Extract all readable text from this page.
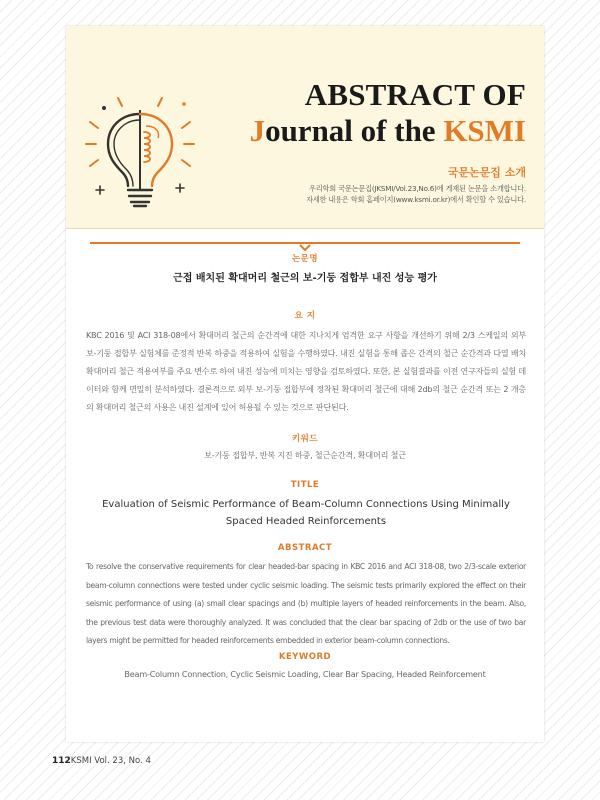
ABSTRACT OF
Journal of the KSMI
국문논문집 소개
우리학회 국문논문집(JKSMI/Vol.23,No.6)에 게재된 논문을 소개합니다.
자세한 내용은 학회 홈페이지(www.ksmi.or.kr)에서 확인할 수 있습니다.
논문명
근접 배치된 확대머리 철근의 보-기둥 접합부 내진 성능 평가
요 지
KBC 2016 및 ACI 318-08에서 확대머리 철근의 순간격에 대한 지나치게 엄격한 요구 사항을 개선하기 위해 2/3 스케일의 외부 보-기둥 접합부 실험체를 준정적 반복 하중을 적용하여 실험을 수행하였다. 내진 실험을 통해 좁은 간격의 철근 순간격과 다열 배치 확대머리 철근 적용여부를 주요 변수로 하여 내진 성능에 미치는 영향을 검토하였다. 또한, 본 실험결과를 이전 연구자들의 실험 데이터와 함께 면밀히 분석하였다. 결론적으로 외부 보-기둥 접합부에 정착된 확대머리 철근에 대해 2db의 철근 순간격 또는 2 개층의 확대머리 철근의 사용은 내진 설계에 있어 허용될 수 있는 것으로 판단된다.
키워드
보-기둥 접합부, 반복 지진 하중, 철근순간격, 확대머리 철근
TITLE
Evaluation of Seismic Performance of Beam-Column Connections Using Minimally Spaced Headed Reinforcements
ABSTRACT
To resolve the conservative requirements for clear headed-bar spacing in KBC 2016 and ACI 318-08, two 2/3-scale exterior beam-column connections were tested under cyclic seismic loading. The seismic tests primarily explored the effect on their seismic performance of using (a) small clear spacings and (b) multiple layers of headed reinforcements in the beam. Also, the previous test data were thoroughly analyzed. It was concluded that the clear bar spacing of 2db or the use of two bar layers might be permitted for headed reinforcements embedded in exterior beam-column connections.
KEYWORD
Beam-Column Connection, Cyclic Seismic Loading, Clear Bar Spacing, Headed Reinforcement
112KSMI Vol. 23, No. 4
